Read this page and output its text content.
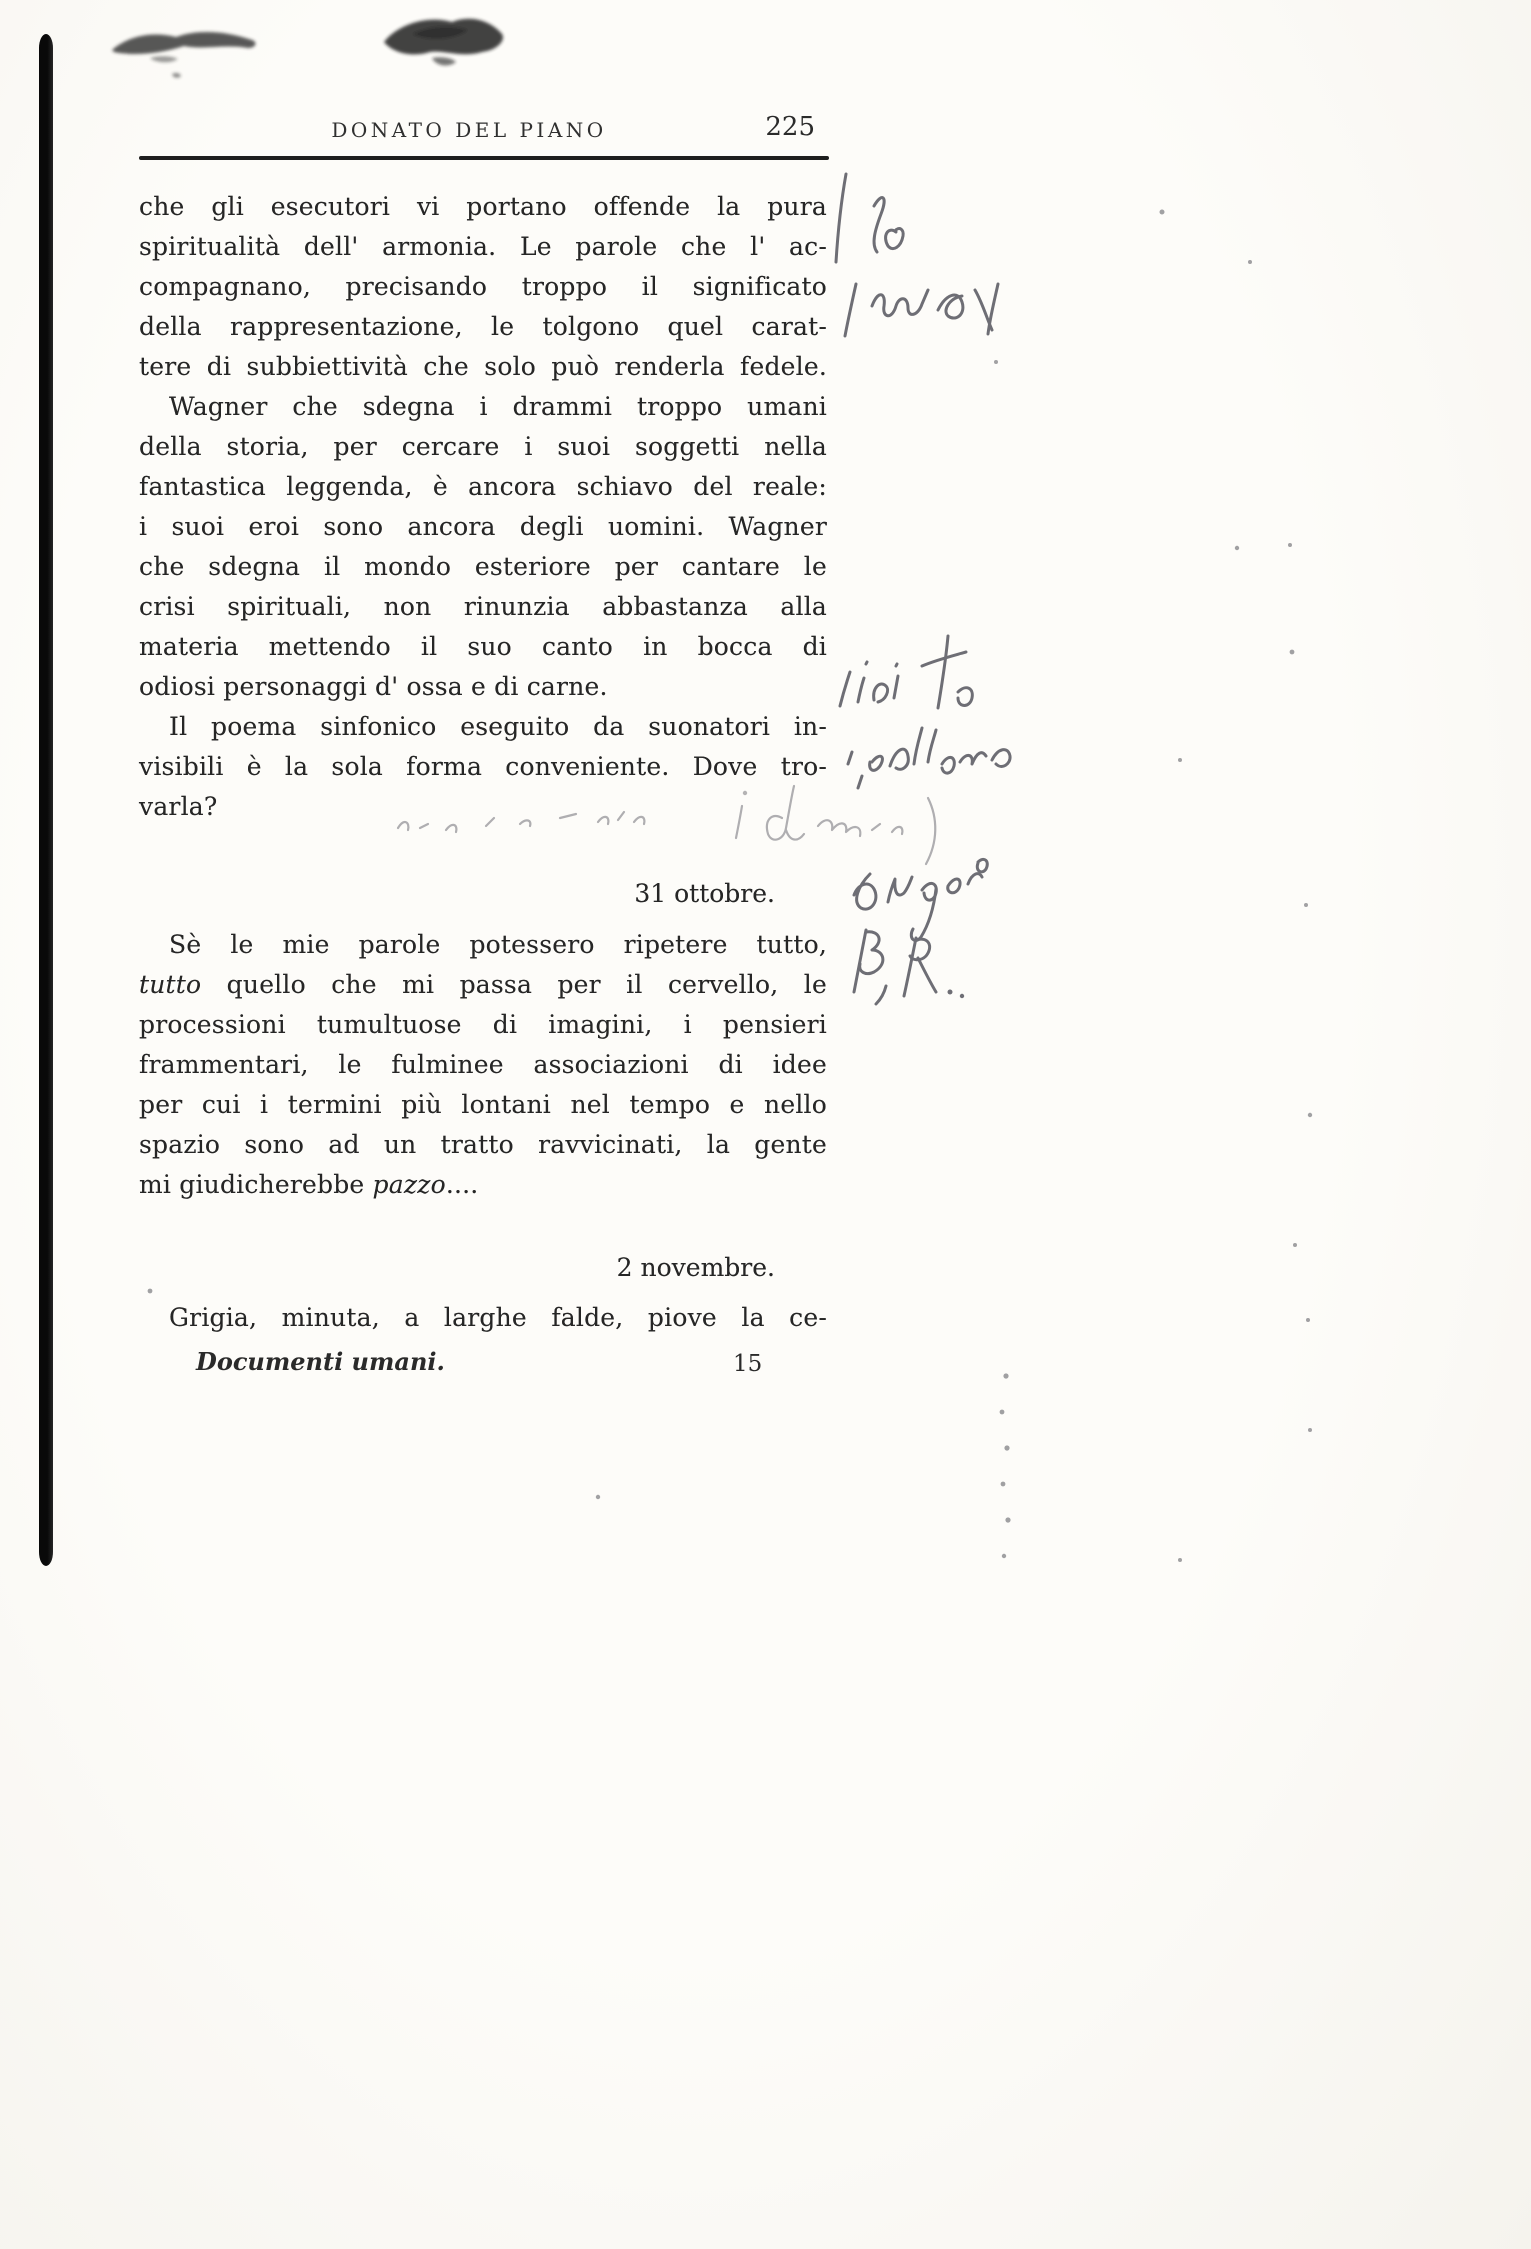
DONATO DEL PIANO	225
che gli esecutori vi portano offende la pura
spiritualità dell' armonia. Le parole che l' ac-
compagnano, precisando troppo il significato
della rappresentazione, le tolgono quel carat-
tere di subbiettività che solo può renderla fedele.
Wagner che sdegna i drammi troppo umani
della storia, per cercare i suoi soggetti nella
fantastica leggenda, è ancora schiavo del reale:
i suoi eroi sono ancora degli uomini. Wagner
che sdegna il mondo esteriore per cantare le
crisi spirituali, non rinunzia abbastanza alla
materia mettendo il suo canto in bocca di
odiosi personaggi d' ossa e di carne.
Il poema sinfonico eseguito da suonatori in-
visibili è la sola forma conveniente. Dove tro-
varla?
31 ottobre.
Sè le mie parole potessero ripetere tutto,
tutto quello che mi passa per il cervello, le
processioni tumultuose di imagini, i pensieri
frammentari, le fulminee associazioni di idee
per cui i termini più lontani nel tempo e nello
spazio sono ad un tratto ravvicinati, la gente
mi giudicherebbe pazzo....
2 novembre.
Grigia, minuta, a larghe falde, piove la ce-
Documenti umani.	15
